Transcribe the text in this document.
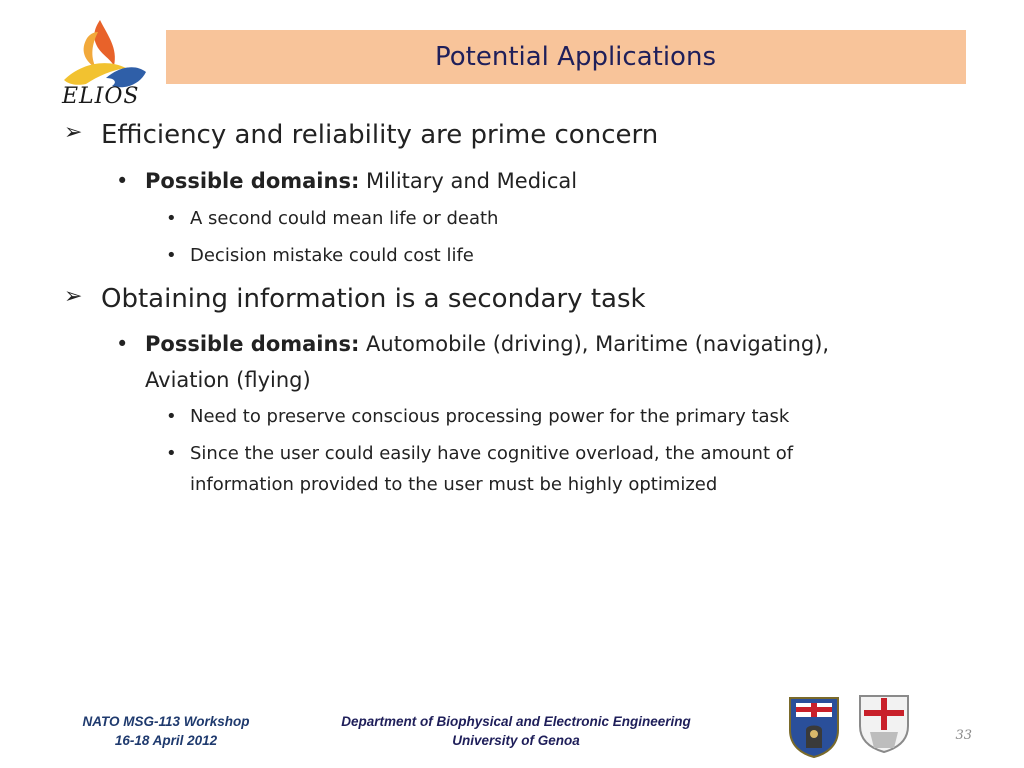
ELIOS
Potential Applications
➢ Efficiency and reliability are prime concern
• Possible domains: Military and Medical
• A second could mean life or death
• Decision mistake could cost life
➢ Obtaining information is a secondary task
• Possible domains: Automobile (driving), Maritime (navigating), Aviation (flying)
• Need to preserve conscious processing power for the primary task
• Since the user could easily have cognitive overload, the amount of information provided to the user must be highly optimized
NATO MSG-113 Workshop
16-18 April 2012
Department of Biophysical and Electronic Engineering
University of Genoa	33
